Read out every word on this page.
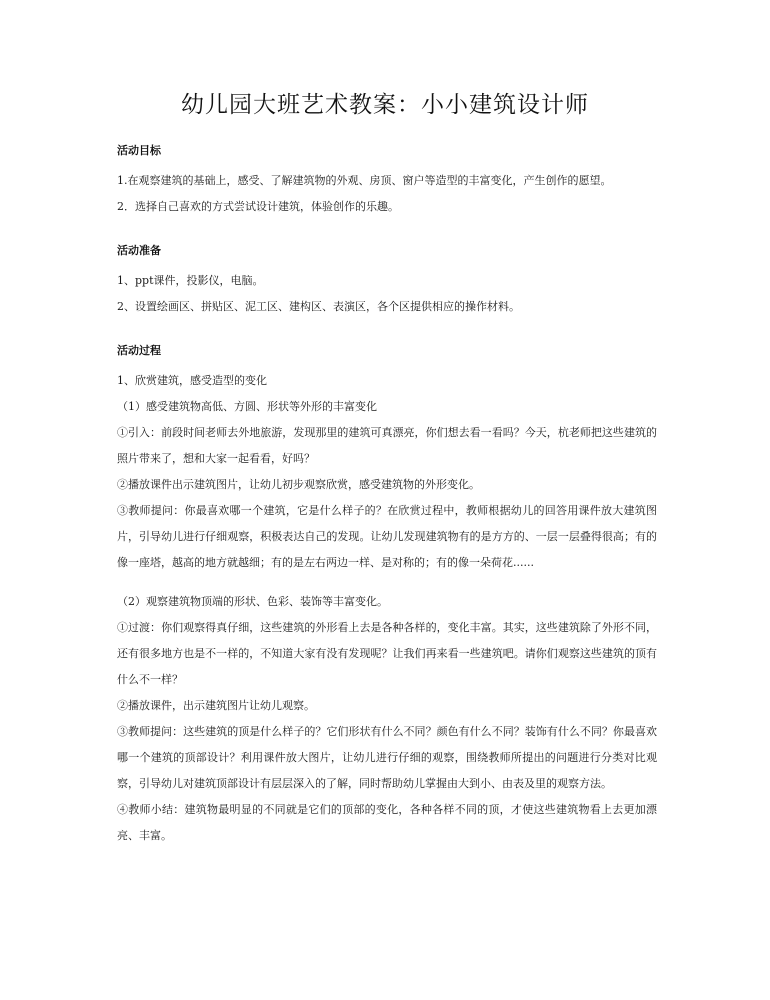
幼儿园大班艺术教案：小小建筑设计师

活动目标

1.在观察建筑的基础上，感受、了解建筑物的外观、房顶、窗户等造型的丰富变化，产生创作的愿望。

2．选择自己喜欢的方式尝试设计建筑，体验创作的乐趣。

活动准备

1、ppt课件，投影仪，电脑。

2、设置绘画区、拼贴区、泥工区、建构区、表演区，各个区提供相应的操作材料。

活动过程

1、欣赏建筑，感受造型的变化

（1）感受建筑物高低、方圆、形状等外形的丰富变化

①引入：前段时间老师去外地旅游，发现那里的建筑可真漂亮，你们想去看一看吗？今天，杭老师把这些建筑的照片带来了，想和大家一起看看，好吗？

②播放课件出示建筑图片，让幼儿初步观察欣赏，感受建筑物的外形变化。

③教师提问：你最喜欢哪一个建筑，它是什么样子的？在欣赏过程中，教师根据幼儿的回答用课件放大建筑图片，引导幼儿进行仔细观察，积极表达自己的发现。让幼儿发现建筑物有的是方方的、一层一层叠得很高；有的像一座塔，越高的地方就越细；有的是左右两边一样、是对称的；有的像一朵荷花......

（2）观察建筑物顶端的形状、色彩、装饰等丰富变化。

①过渡：你们观察得真仔细，这些建筑的外形看上去是各种各样的，变化丰富。其实，这些建筑除了外形不同，还有很多地方也是不一样的，不知道大家有没有发现呢？让我们再来看一些建筑吧。请你们观察这些建筑的顶有什么不一样？

②播放课件，出示建筑图片让幼儿观察。

③教师提问：这些建筑的顶是什么样子的？它们形状有什么不同？颜色有什么不同？装饰有什么不同？你最喜欢哪一个建筑的顶部设计？利用课件放大图片，让幼儿进行仔细的观察，围绕教师所提出的问题进行分类对比观察，引导幼儿对建筑顶部设计有层层深入的了解，同时帮助幼儿掌握由大到小、由表及里的观察方法。

④教师小结：建筑物最明显的不同就是它们的顶部的变化，各种各样不同的顶，才使这些建筑物看上去更加漂亮、丰富。
